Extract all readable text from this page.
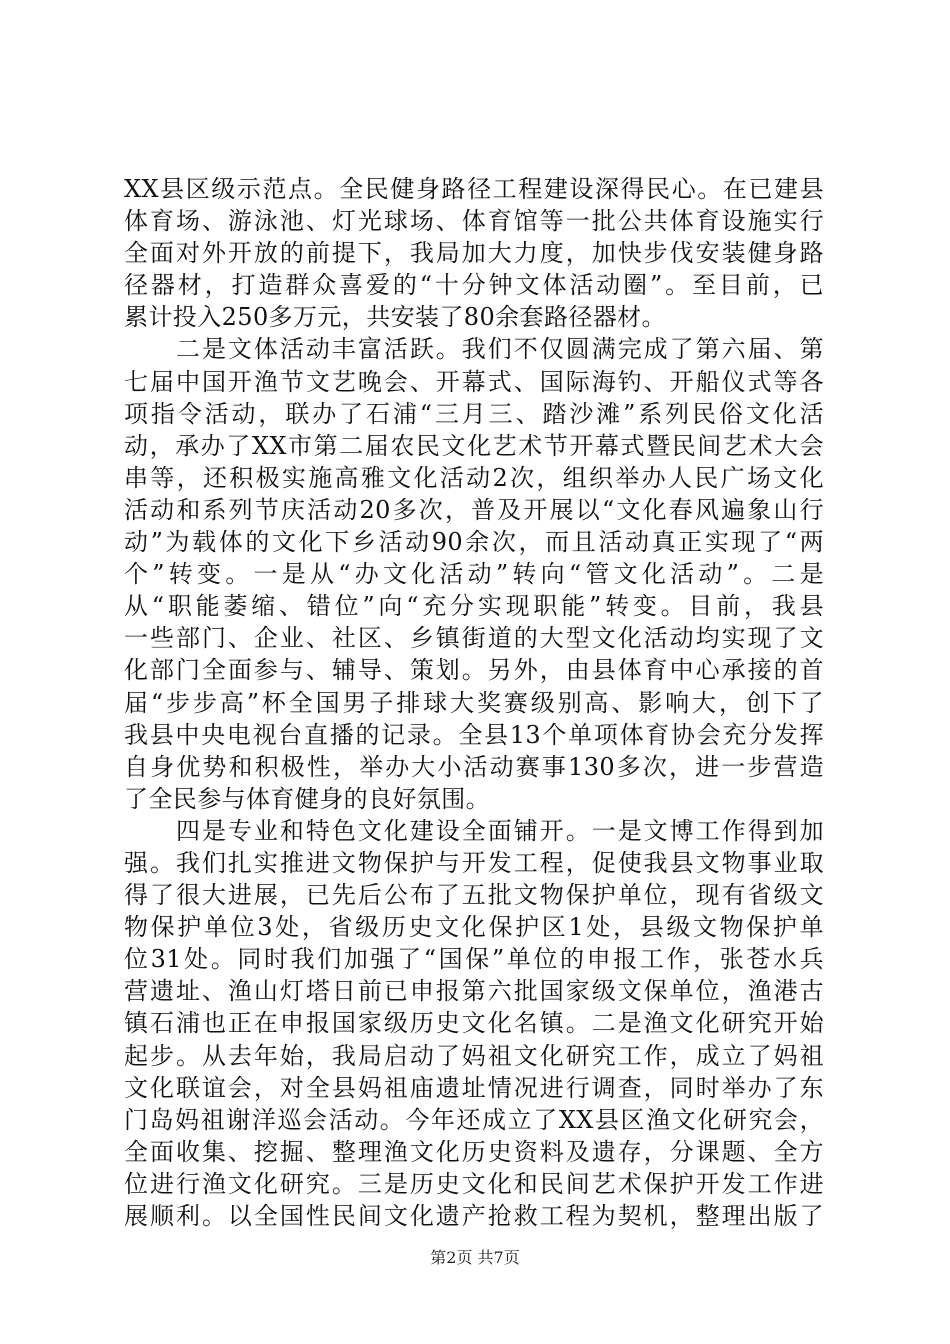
XX县区级示范点。全民健身路径工程建设深得民心。在已建县
体育场、游泳池、灯光球场、体育馆等一批公共体育设施实行
全面对外开放的前提下，我局加大力度，加快步伐安装健身路
径器材，打造群众喜爱的“十分钟文体活动圈”。至目前，已
累计投入250多万元，共安装了80余套路径器材。
　　二是文体活动丰富活跃。我们不仅圆满完成了第六届、第
七届中国开渔节文艺晚会、开幕式、国际海钓、开船仪式等各
项指令活动，联办了石浦“三月三、踏沙滩”系列民俗文化活
动，承办了XX市第二届农民文化艺术节开幕式暨民间艺术大会
串等，还积极实施高雅文化活动2次，组织举办人民广场文化
活动和系列节庆活动20多次，普及开展以“文化春风遍象山行
动”为载体的文化下乡活动90余次，而且活动真正实现了“两
个”转变。一是从“办文化活动”转向“管文化活动”。二是
从“职能萎缩、错位”向“充分实现职能”转变。目前，我县
一些部门、企业、社区、乡镇街道的大型文化活动均实现了文
化部门全面参与、辅导、策划。另外，由县体育中心承接的首
届“步步高”杯全国男子排球大奖赛级别高、影响大，创下了
我县中央电视台直播的记录。全县13个单项体育协会充分发挥
自身优势和积极性，举办大小活动赛事130多次，进一步营造
了全民参与体育健身的良好氛围。
　　四是专业和特色文化建设全面铺开。一是文博工作得到加
强。我们扎实推进文物保护与开发工程，促使我县文物事业取
得了很大进展，已先后公布了五批文物保护单位，现有省级文
物保护单位3处，省级历史文化保护区1处，县级文物保护单
位31处。同时我们加强了“国保”单位的申报工作，张苍水兵
营遗址、渔山灯塔日前已申报第六批国家级文保单位，渔港古
镇石浦也正在申报国家级历史文化名镇。二是渔文化研究开始
起步。从去年始，我局启动了妈祖文化研究工作，成立了妈祖
文化联谊会，对全县妈祖庙遗址情况进行调查，同时举办了东
门岛妈祖谢洋巡会活动。今年还成立了XX县区渔文化研究会，
全面收集、挖掘、整理渔文化历史资料及遗存，分课题、全方
位进行渔文化研究。三是历史文化和民间艺术保护开发工作进
展顺利。以全国性民间文化遗产抢救工程为契机，整理出版了
第2页 共7页
